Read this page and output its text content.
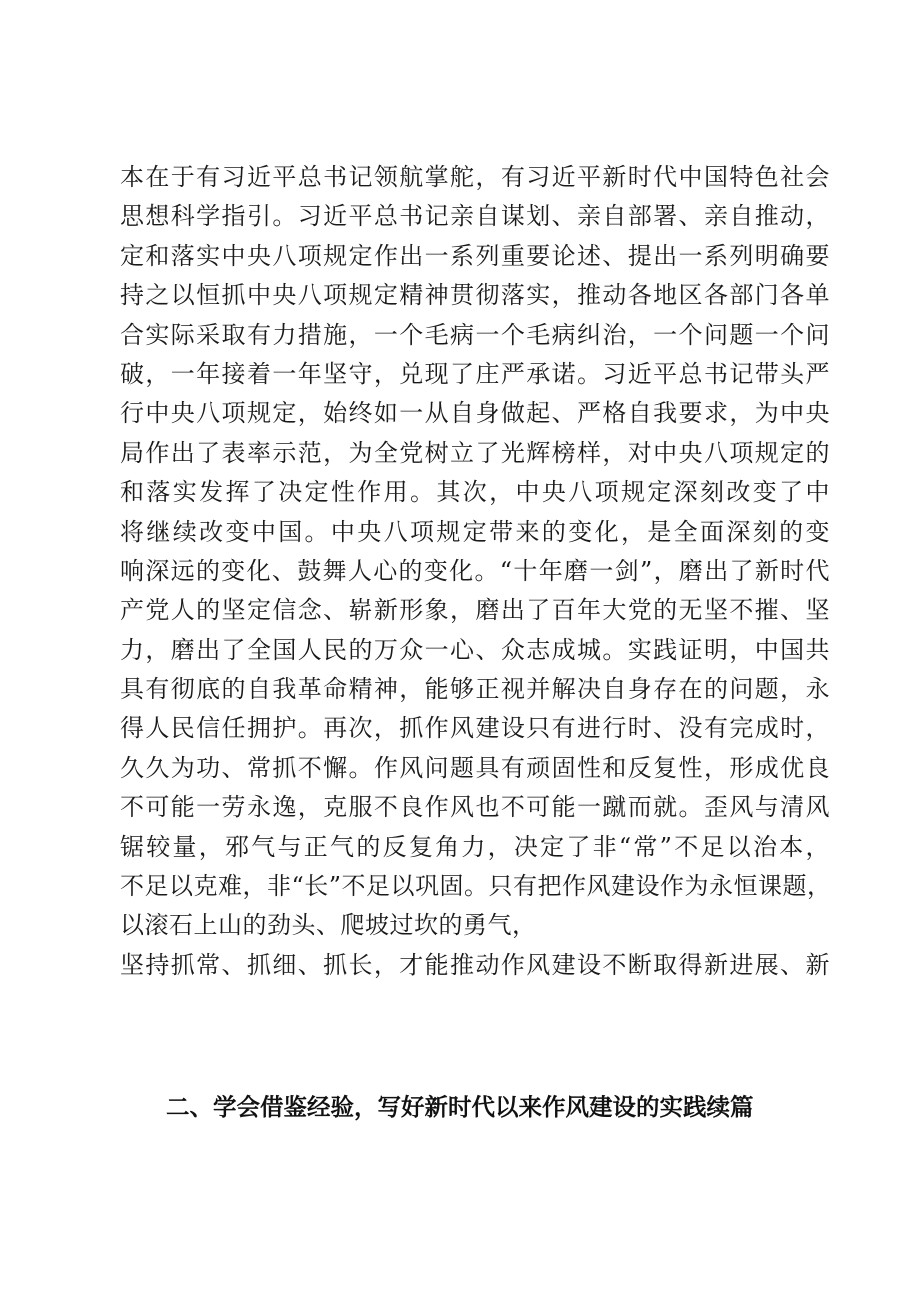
本在于有习近平总书记领航掌舵，有习近平新时代中国特色社会
思想科学指引。习近平总书记亲自谋划、亲自部署、亲自推动，
定和落实中央八项规定作出一系列重要论述、提出一系列明确要
持之以恒抓中央八项规定精神贯彻落实，推动各地区各部门各单
合实际采取有力措施，一个毛病一个毛病纠治，一个问题一个问
破，一年接着一年坚守，兑现了庄严承诺。习近平总书记带头严
行中央八项规定，始终如一从自身做起、严格自我要求，为中央
局作出了表率示范，为全党树立了光辉榜样，对中央八项规定的
和落实发挥了决定性作用。其次，中央八项规定深刻改变了中
将继续改变中国。中央八项规定带来的变化，是全面深刻的变
响深远的变化、鼓舞人心的变化。“十年磨一剑”，磨出了新时代
产党人的坚定信念、崭新形象，磨出了百年大党的无坚不摧、坚
力，磨出了全国人民的万众一心、众志成城。实践证明，中国共
具有彻底的自我革命精神，能够正视并解决自身存在的问题，永
得人民信任拥护。再次，抓作风建设只有进行时、没有完成时，
久久为功、常抓不懈。作风问题具有顽固性和反复性，形成优良
不可能一劳永逸，克服不良作风也不可能一蹴而就。歪风与清风
锯较量，邪气与正气的反复角力，决定了非“常”不足以治本，
不足以克难，非“长”不足以巩固。只有把作风建设作为永恒课题，
以滚石上山的劲头、爬坡过坎的勇气，
坚持抓常、抓细、抓长，才能推动作风建设不断取得新进展、新
二、学会借鉴经验，写好新时代以来作风建设的实践续篇
